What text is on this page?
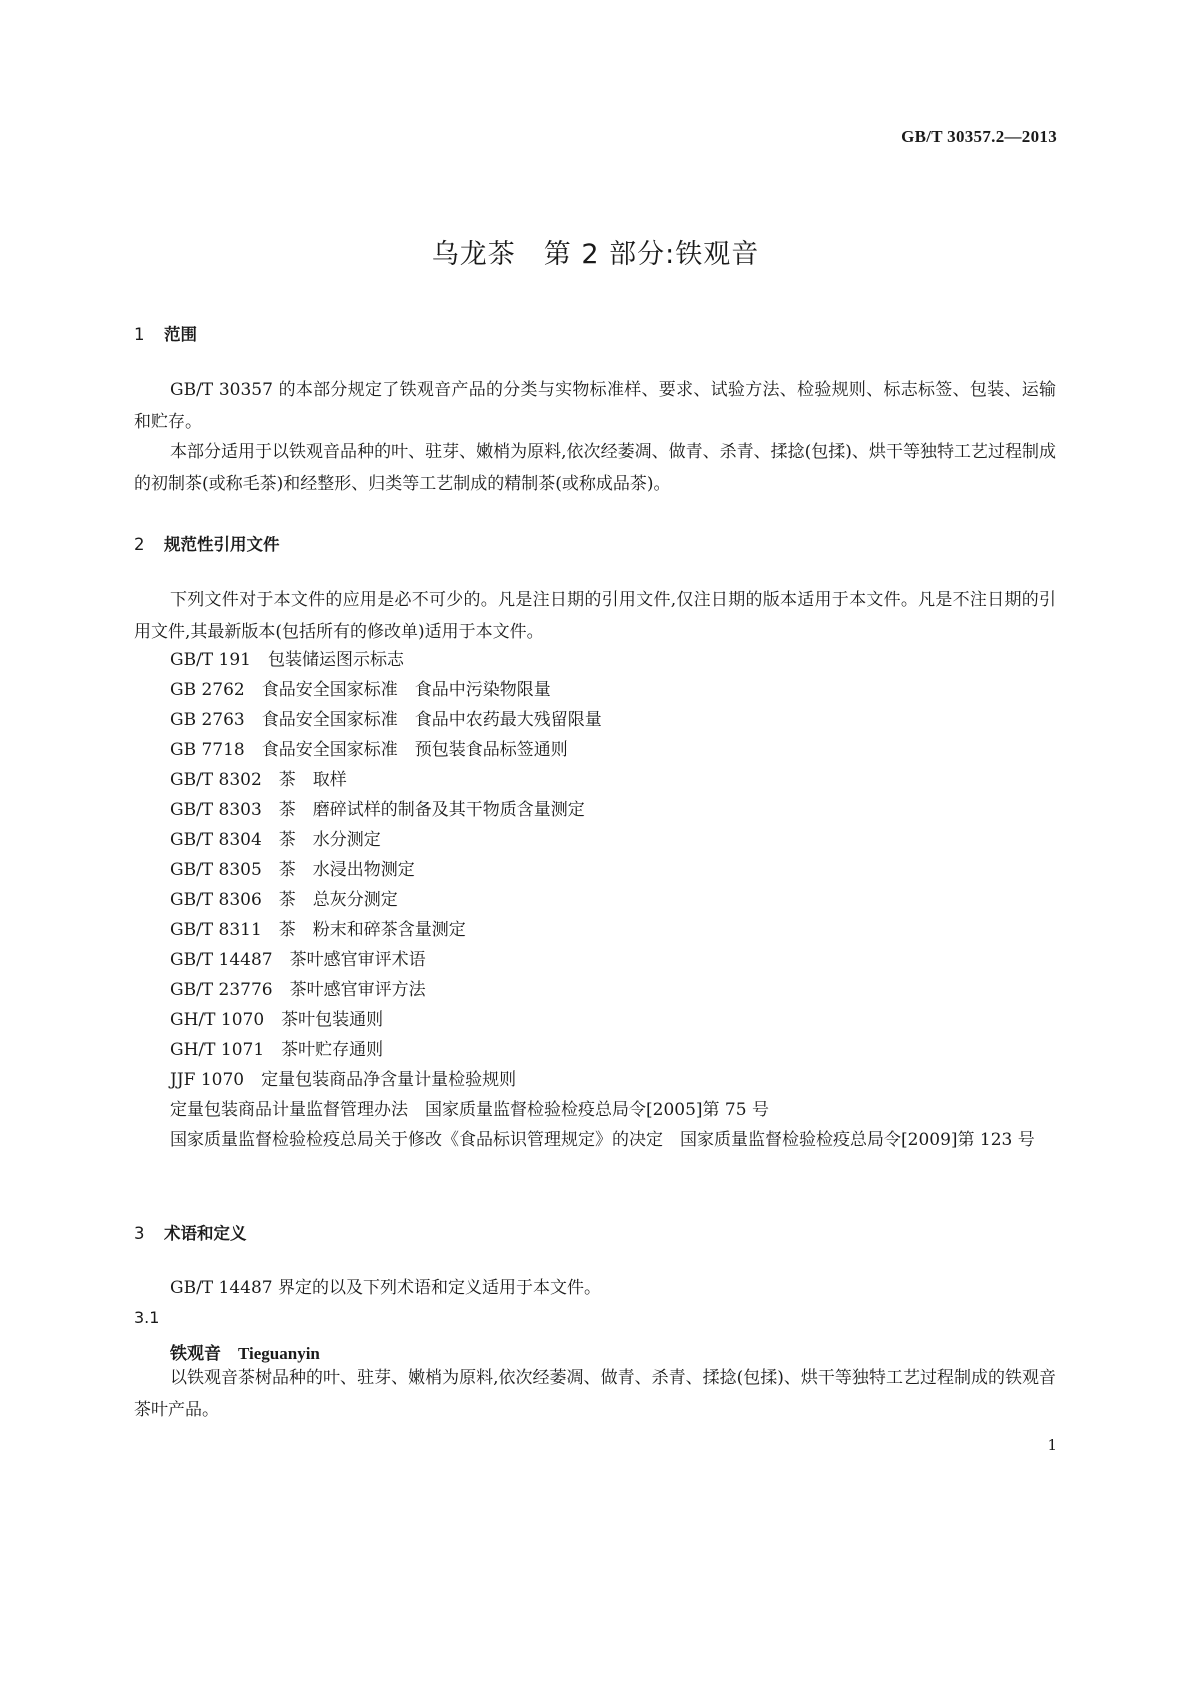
GB/T 30357.2—2013
乌龙茶　第 2 部分:铁观音
1 范围
GB/T 30357 的本部分规定了铁观音产品的分类与实物标准样、要求、试验方法、检验规则、标志标签、包装、运输和贮存。
本部分适用于以铁观音品种的叶、驻芽、嫩梢为原料,依次经萎凋、做青、杀青、揉捻(包揉)、烘干等独特工艺过程制成的初制茶(或称毛茶)和经整形、归类等工艺制成的精制茶(或称成品茶)。
2 规范性引用文件
下列文件对于本文件的应用是必不可少的。凡是注日期的引用文件,仅注日期的版本适用于本文件。凡是不注日期的引用文件,其最新版本(包括所有的修改单)适用于本文件。
GB/T 191　包装储运图示标志
GB 2762　食品安全国家标准　食品中污染物限量
GB 2763　食品安全国家标准　食品中农药最大残留限量
GB 7718　食品安全国家标准　预包装食品标签通则
GB/T 8302　茶　取样
GB/T 8303　茶　磨碎试样的制备及其干物质含量测定
GB/T 8304　茶　水分测定
GB/T 8305　茶　水浸出物测定
GB/T 8306　茶　总灰分测定
GB/T 8311　茶　粉末和碎茶含量测定
GB/T 14487　茶叶感官审评术语
GB/T 23776　茶叶感官审评方法
GH/T 1070　茶叶包装通则
GH/T 1071　茶叶贮存通则
JJF 1070　定量包装商品净含量计量检验规则
定量包装商品计量监督管理办法　国家质量监督检验检疫总局令[2005]第 75 号
国家质量监督检验检疫总局关于修改《食品标识管理规定》的决定　国家质量监督检验检疫总局令[2009]第 123 号
3 术语和定义
GB/T 14487 界定的以及下列术语和定义适用于本文件。
3.1
铁观音　 Tieguanyin
以铁观音茶树品种的叶、驻芽、嫩梢为原料,依次经萎凋、做青、杀青、揉捻(包揉)、烘干等独特工艺过程制成的铁观音茶叶产品。
1
